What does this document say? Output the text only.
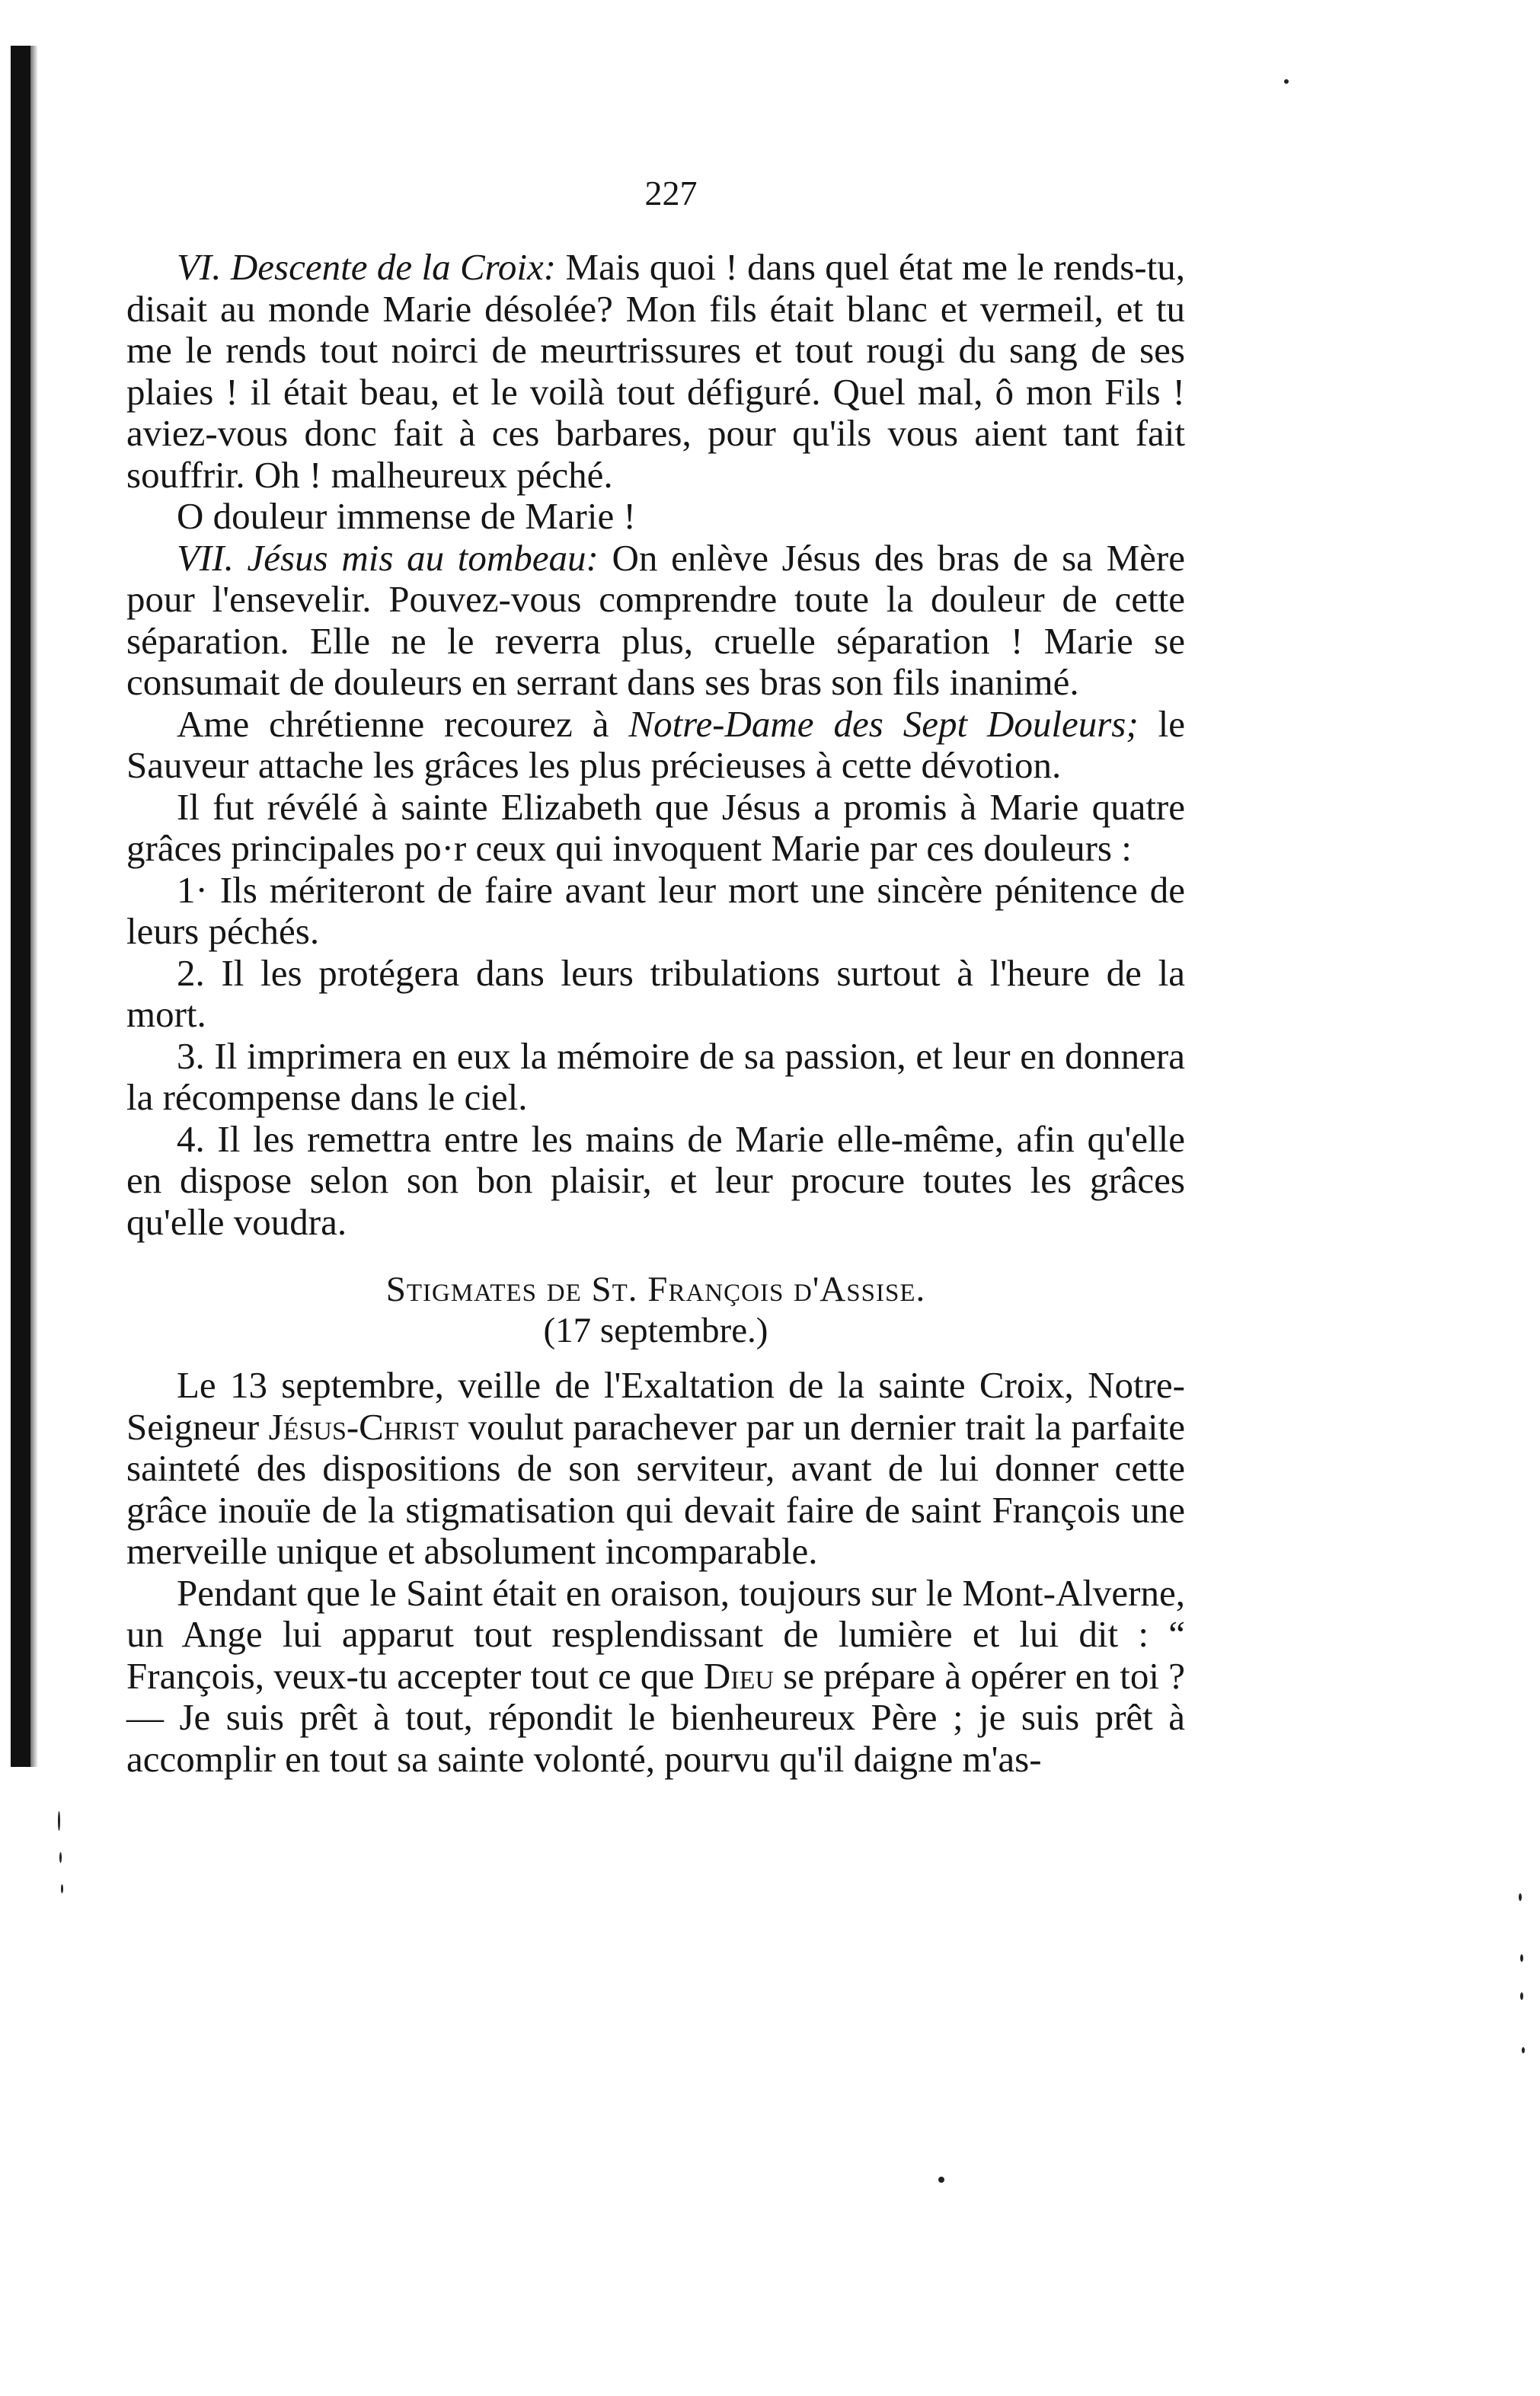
227

VI. Descente de la Croix: Mais quoi ! dans quel état me le rends-tu, disait au monde Marie désolée? Mon fils était blanc et vermeil, et tu me le rends tout noirci de meurtrissures et tout rougi du sang de ses plaies ! il était beau, et le voilà tout défiguré. Quel mal, ô mon Fils ! aviez-vous donc fait à ces barbares, pour qu'ils vous aient tant fait souffrir. Oh ! malheureux péché.

O douleur immense de Marie !

VII. Jésus mis au tombeau: On enlève Jésus des bras de sa Mère pour l'ensevelir. Pouvez-vous comprendre toute la douleur de cette séparation. Elle ne le reverra plus, cruelle séparation ! Marie se consumait de douleurs en serrant dans ses bras son fils inanimé.

Ame chrétienne recourez à Notre-Dame des Sept Douleurs; le Sauveur attache les grâces les plus précieuses à cette dévotion.

Il fut révélé à sainte Elizabeth que Jésus a promis à Marie quatre grâces principales po·r ceux qui invoquent Marie par ces douleurs :

1· Ils mériteront de faire avant leur mort une sincère pénitence de leurs péchés.

2. Il les protégera dans leurs tribulations surtout à l'heure de la mort.

3. Il imprimera en eux la mémoire de sa passion, et leur en donnera la récompense dans le ciel.

4. Il les remettra entre les mains de Marie elle-même, afin qu'elle en dispose selon son bon plaisir, et leur procure toutes les grâces qu'elle voudra.

Stigmates de St. François d'Assise.
(17 septembre.)

Le 13 septembre, veille de l'Exaltation de la sainte Croix, Notre-Seigneur Jésus-Christ voulut parachever par un dernier trait la parfaite sainteté des dispositions de son serviteur, avant de lui donner cette grâce inouïe de la stigmatisation qui devait faire de saint François une merveille unique et absolument incomparable.

Pendant que le Saint était en oraison, toujours sur le Mont-Alverne, un Ange lui apparut tout resplendissant de lumière et lui dit : “ François, veux-tu accepter tout ce que Dieu se prépare à opérer en toi ? — Je suis prêt à tout, répondit le bienheureux Père ; je suis prêt à accomplir en tout sa sainte volonté, pourvu qu'il daigne m'as-
